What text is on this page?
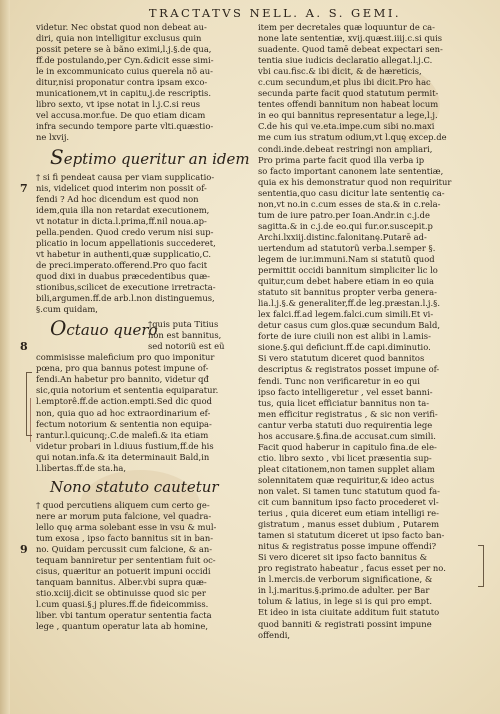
TRACTATVS NELL. A. S. GEMI.
videtur. Nec obstat quod non debeat au-
diri, quia non intelligitur exclusus quin
possit petere se à bãno eximi,l.j.§.de qua,
ff.de postulando,per Cyn.&dicit esse simi-
le in excommunicato cuius querela nõ au-
ditur,nisi proponatur contra ipsam exco-
municationem,vt in capitu,j.de rescriptis.
libro sexto, vt ipse notat in l.j.C.si reus
vel accusa.mor.fue. De quo etiam dicam
infra secundo tempore parte vlti.quæstio-
ne lxvij.
Septimo queritur an idem
† si fi pendeat causa per viam supplicatio-
nis, videlicet quod interim non possit of-
fendi ? Ad hoc dicendum est quod non
idem,quia illa non retardat executionem,
vt notatur in dicta.l.prima,ff.nil noua.ap-
pella.penden. Quod credo verum nisi sup-
plicatio in locum appellationis succederet,
vt habetur in authenti,quæ supplicatio,C.
de preci.imperato.offerend.Pro quo facit
quod dixi in duabus præcedentibus quæ-
stionibus,scilicet de executione irretracta-
bili,argumen.ff.de arb.l.non distinguemus,
§.cum quidam,
Octauo quero
†quis puta Titius
non est bannitus,
sed notoriũ est eũ
commisisse maleficium pro quo imponitur
pœna, pro qua bannus potest impune of-
fendi.An habetur pro bannito, videtur qđ
sic,quia notorium et sententia equiparatur.
l.emptorê.ff.de action.empti.Sed dic quod
non, quia quo ad hoc extraordinarium ef-
fectum notorium & sententia non equipa-
rantur.l.quicunq;.C.de malefi.& ita etiam
videtur probari in l.diuus fustium,ff.de his
qui notan.infa.& ita determinauit Bald,in
l.libertas.ff.de sta.ha,
Nono statuto cautetur
† quod percutiens aliquem cum certo ge-
nere ar morum puta falcione, vel quadra-
lello quę arma solebant esse in vsu & mul-
tum exosa , ipso facto bannitus sit in ban-
no. Quidam percussit cum falcione, & an-
tequam banniretur per sententiam fuit oc-
cisus, quæritur an potuerit impuni occidi
tanquam bannitus. Alber.vbi supra quæ-
stio.xciij.dicit se obtinuisse quod sic per
l.cum quasi.§.j plures.ff.de fideicommiss.
liber. vbi tantum operatur sententia facta
lege , quantum operatur lata ab homine,
7
8
9
item per decretales quæ loquuntur de ca-
none late sententiæ, xvij.quæst.iiij.c.si quis
suadente. Quod tamē debeat expectari sen-
tentia siue iudicis declaratio allegat.l.j.C.
vbi cau.fisc.& ibi dicit, & de hæreticis,
c.cum secundum,et plus ibi dicit.Pro hac
secunda parte facit quod statutum permit-
tentes offendi bannitum non habeat locum
in eo qui bannitus representatur a lege,l.j.
C.de his qui ve.eta.impe.cum sibi no.maxi
me cum ius stratum odium,vt l.quę excep.de
condi.inde.debeat restringi non ampliari,
Pro prima parte facit quod illa verba ip
so facto important canonem late sententiæ,
quia ex his demonstratur quod non requiritur
sententia,quo casu dicitur late sententię ca-
non,vt no.in c.cum esses de sta.& in c.rela-
tum de iure patro.per Ioan.Andr.in c.j.de
sagitta.& in c.j.de eo.qui fur.or.suscepit.p
Archi.lxxiij.distinc.falonitanę.Putarē ad-
uertendum ad statutorũ verba.l.semper §.
legem de iur.immuni.Nam si statutũ quod
permittit occidi bannitum simpliciter lic lo
quitur,cum debet habere etiam in eo quia
statuto sit bannitus propter verba genera-
lia.l.j.§.& generaliter,ff.de leg.præstan.l.j.§.
lex falci.ff.ad legem.falci.cum simili.Et vi-
detur casus cum glos.quæ secundum Bald,
forte de iure ciuili non est alibi in l.amis-
sione.§.qui deficiunt.ff.de capi.diminutio.
Si vero statutum diceret quod bannitos
descriptus & registratos posset impune of-
fendi. Tunc non verificaretur in eo qui
ipso facto intelligeretur , vel esset banni-
tus, quia licet efficiatur bannitus non ta-
men efficitur registratus , & sic non verifi-
cantur verba statuti duo requirentia lege
hos accusare.§.fina.de accusat.cum simili.
Facit quod haberur in capitulo fina.de ele-
ctio. libro sexto , vbi licet præsentia sup-
pleat citationem,non tamen supplet aliam
solennitatem quæ requiritur,& ideo actus
non valet. Si tamen tunc statutum quod fa-
cit cum bannitum ipso facto procederet vl-
terius , quia diceret eum etiam intelligi re-
gistratum , manus esset dubium , Putarem
tamen si statutum diceret ut ipso facto ban-
nitus & registratus posse impune offendi?
Si vero diceret sit ipso facto bannitus &
pro registrato habeatur , facus esset per no.
in l.mercis.de verborum significatione, &
in l.j.maritus.§.primo.de adulter. per Bar
tolum & latius, in lege si is qui pro empt.
Et ideo in ista ciuitate additum fuit statuto
quod banniti & registrati possint impune
offendi,
